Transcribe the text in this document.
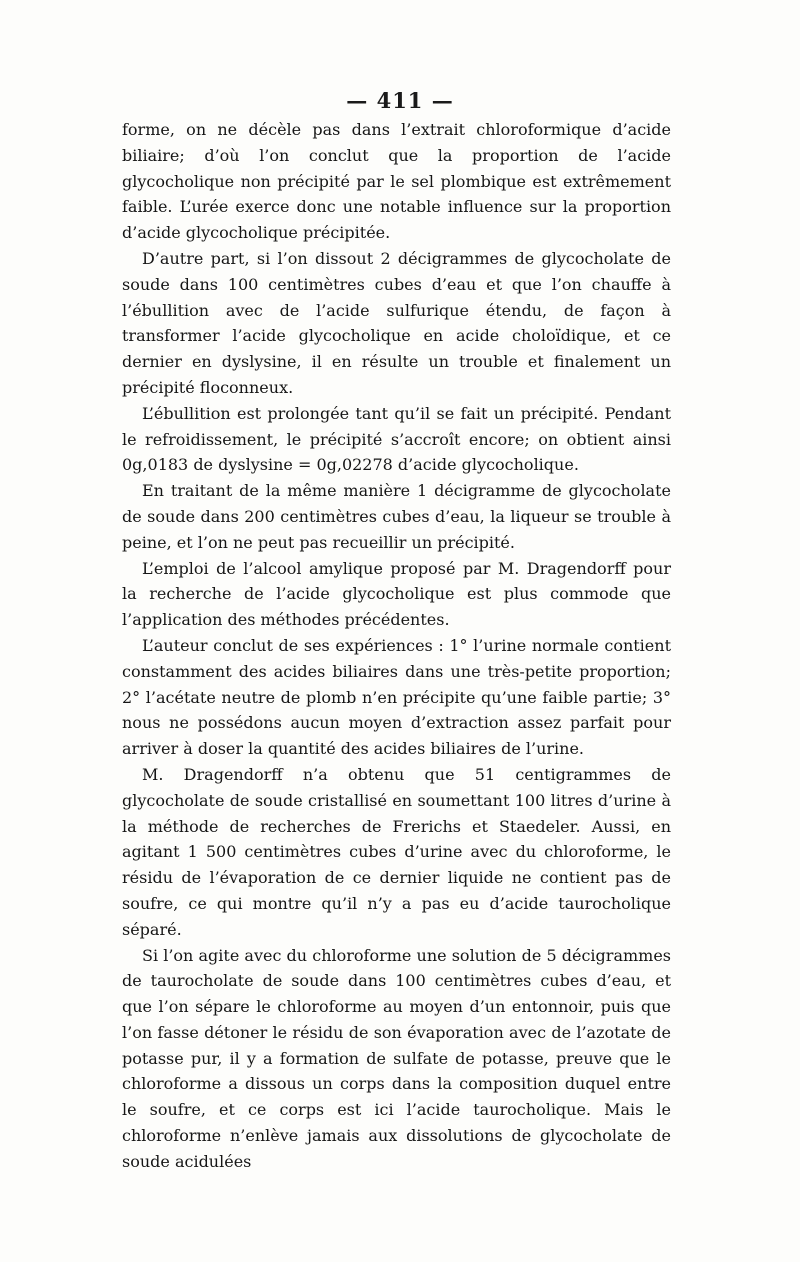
— 411 —

forme, on ne décèle pas dans l’extrait chloroformique d’acide biliaire; d’où l’on conclut que la proportion de l’acide glycocholique non précipité par le sel plombique est extrêmement faible. L’urée exerce donc une notable influence sur la proportion d’acide glycocholique précipitée.

D’autre part, si l’on dissout 2 décigrammes de glycocholate de soude dans 100 centimètres cubes d’eau et que l’on chauffe à l’ébullition avec de l’acide sulfurique étendu, de façon à transformer l’acide glycocholique en acide choloïdique, et ce dernier en dyslysine, il en résulte un trouble et finalement un précipité floconneux.

L’ébullition est prolongée tant qu’il se fait un précipité. Pendant le refroidissement, le précipité s’accroît encore; on obtient ainsi 0g,0183 de dyslysine = 0g,02278 d’acide glycocholique.

En traitant de la même manière 1 décigramme de glycocholate de soude dans 200 centimètres cubes d’eau, la liqueur se trouble à peine, et l’on ne peut pas recueillir un précipité.

L’emploi de l’alcool amylique proposé par M. Dragendorff pour la recherche de l’acide glycocholique est plus commode que l’application des méthodes précédentes.

L’auteur conclut de ses expériences : 1° l’urine normale contient constamment des acides biliaires dans une très-petite proportion; 2° l’acétate neutre de plomb n’en précipite qu’une faible partie; 3° nous ne possédons aucun moyen d’extraction assez parfait pour arriver à doser la quantité des acides biliaires de l’urine.

M. Dragendorff n’a obtenu que 51 centigrammes de glycocholate de soude cristallisé en soumettant 100 litres d’urine à la méthode de recherches de Frerichs et Staedeler. Aussi, en agitant 1 500 centimètres cubes d’urine avec du chloroforme, le résidu de l’évaporation de ce dernier liquide ne contient pas de soufre, ce qui montre qu’il n’y a pas eu d’acide taurocholique séparé.

Si l’on agite avec du chloroforme une solution de 5 décigrammes de taurocholate de soude dans 100 centimètres cubes d’eau, et que l’on sépare le chloroforme au moyen d’un entonnoir, puis que l’on fasse détoner le résidu de son évaporation avec de l’azotate de potasse pur, il y a formation de sulfate de potasse, preuve que le chloroforme a dissous un corps dans la composition duquel entre le soufre, et ce corps est ici l’acide taurocholique. Mais le chloroforme n’enlève jamais aux dissolutions de glycocholate de soude acidulées
